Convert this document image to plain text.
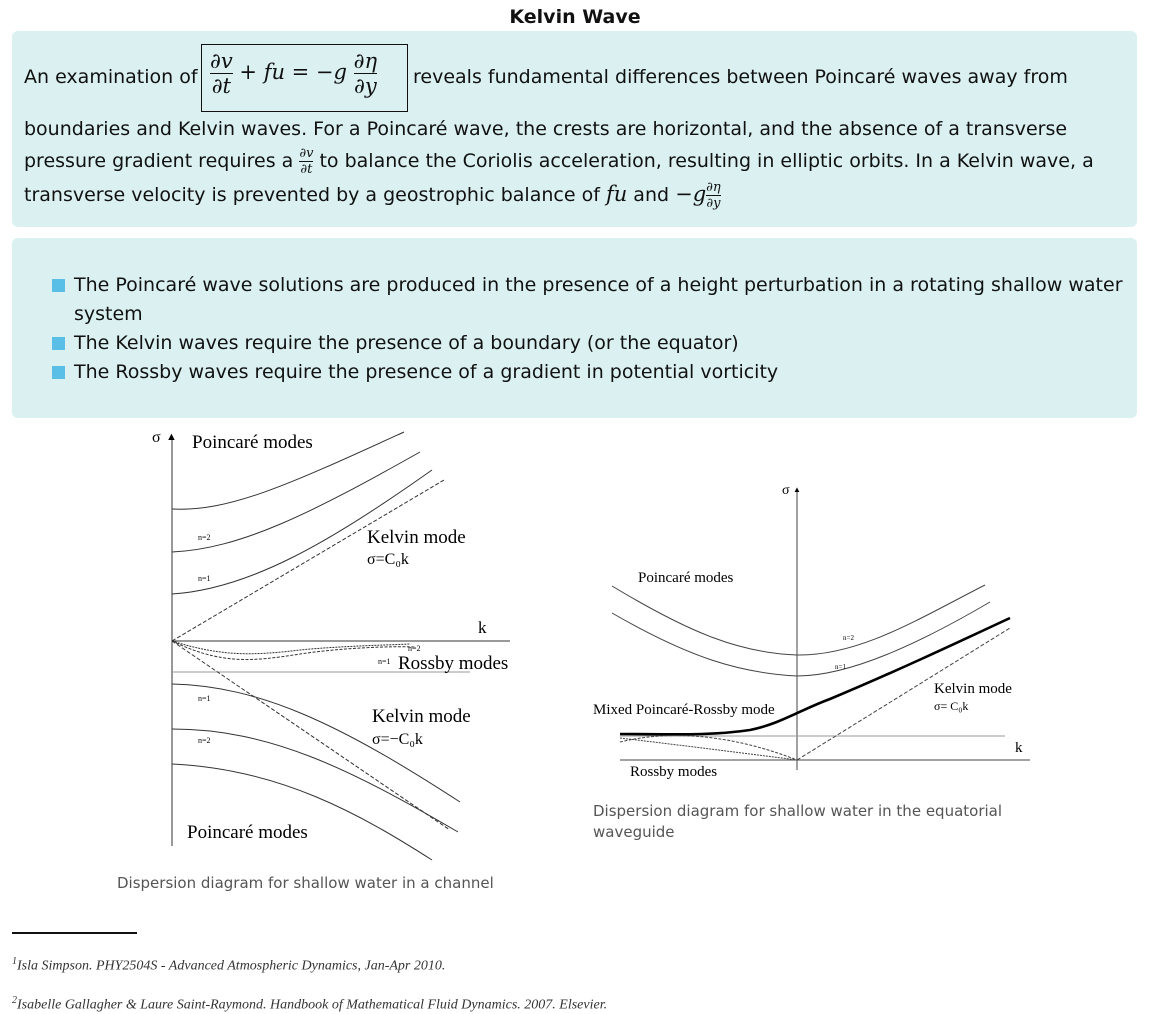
Kelvin Wave
$\frac{\partial v}{\partial t}$ + fu = $-g \frac{\partial\eta}{\partial y}$
An examination of	reveals fundamental differences between Poincaré waves away from
boundaries and Kelvin waves. For a Poincaré wave, the crests are horizontal, and the absence of a transverse
pressure gradient requires a $\frac{\partial v}{\partial t}$ to balance the Coriolis acceleration, resulting in elliptic orbits. In a Kelvin wave, a
transverse velocity is prevented by a geostrophic balance of fu and $-g \frac{\partial\eta}{\partial y}$
The Poincaré wave solutions are produced in the presence of a height perturbation in a rotating shallow water
system
The Kelvin waves require the presence of a boundary (or the equator)
The Rossby waves require the presence of a gradient in potential vorticity
σ ▲ Poincaré modes
n=2
n=1
Kelvin mode
σ=C₀k
k
n=2
n=1 Rossby modes
n=1
n=2
Kelvin mode
σ=−C₀k
Poincaré modes
Dispersion diagram for shallow water in a channel
σ ▲
Poincaré modes
n=2
n=1
Kelvin mode
σ= C₀k
Mixed Poincaré-Rossby mode
k
Rossby modes
Dispersion diagram for shallow water in the equatorial
waveguide
$^1$Isla Simpson. PHY2504S - Advanced Atmospheric Dynamics, Jan-Apr 2010.
$^2$Isabelle Gallagher & Laure Saint-Raymond. Handbook of Mathematical Fluid Dynamics. 2007. Elsevier.
